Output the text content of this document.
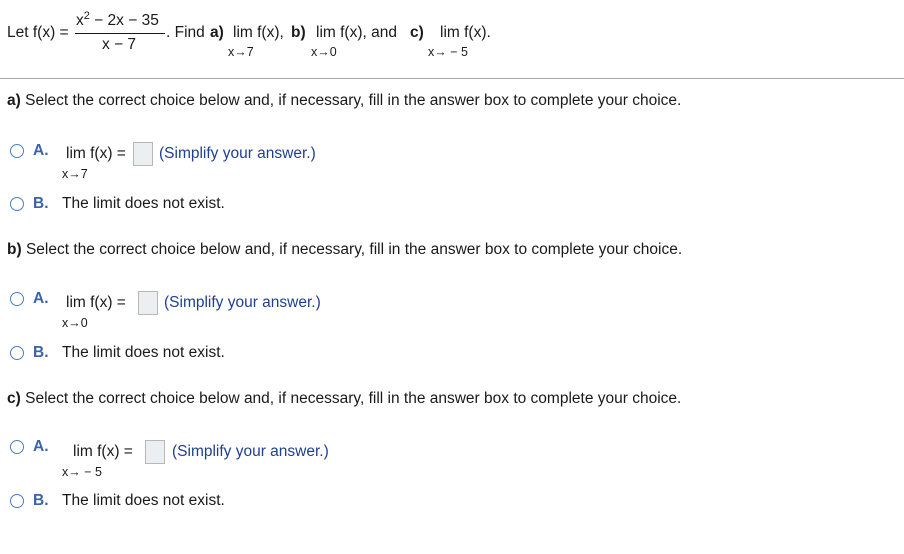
Let f(x) =
$x^2 - 2x - 35$
x − 7
. Find a) lim f(x),
x→7
b) lim f(x), and
x→0
c) lim f(x).
x→ − 5
a) Select the correct choice below and, if necessary, fill in the answer box to complete your choice.
A. lim f(x) =
x→7
(Simplify your answer.)
B. The limit does not exist.
b) Select the correct choice below and, if necessary, fill in the answer box to complete your choice.
A. lim f(x) =
x→0
(Simplify your answer.)
B. The limit does not exist.
c) Select the correct choice below and, if necessary, fill in the answer box to complete your choice.
A. lim f(x) =
x→ − 5
(Simplify your answer.)
B. The limit does not exist.
